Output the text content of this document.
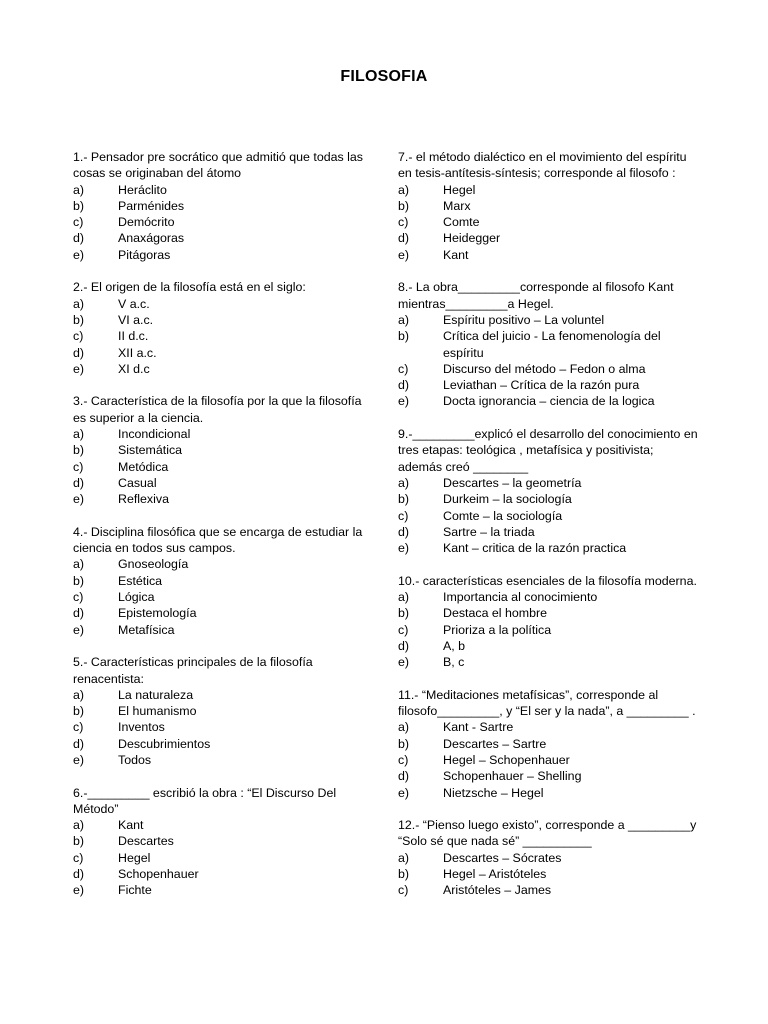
FILOSOFIA

1.- Pensador pre socrático que admitió que todas las cosas se originaban del átomo

a)	Heráclito
b)	Parménides
c)	Demócrito
d)	Anaxágoras
e)	Pitágoras

2.- El origen de la filosofía está en el siglo:

a)	V a.c.
b)	VI a.c.
c)	II d.c.
d)	XII a.c.
e)	XI d.c

3.- Característica de la filosofía por la que la filosofía es superior a la ciencia.

a)	Incondicional
b)	Sistemática
c)	Metódica
d)	Casual
e)	Reflexiva

4.- Disciplina filosófica que se encarga de estudiar la ciencia en todos sus campos.

a)	Gnoseología
b)	Estética
c)	Lógica
d)	Epistemología
e)	Metafísica

5.- Características principales de la filosofía renacentista:

a)	La naturaleza
b)	El humanismo
c)	Inventos
d)	Descubrimientos
e)	Todos

6.-_________ escribió la obra : “El Discurso Del Método”

a)	Kant
b)	Descartes
c)	Hegel
d)	Schopenhauer
e)	Fichte

7.- el método dialéctico en el movimiento del espíritu en tesis-antítesis-síntesis; corresponde al filosofo :

a)	Hegel
b)	Marx
c)	Comte
d)	Heidegger
e)	Kant

8.- La obra_________corresponde al filosofo Kant mientras_________a Hegel.

a)	Espíritu positivo – La voluntel
b)	Crítica del juicio - La fenomenología del espíritu
c)	Discurso del método – Fedon o alma
d)	Leviathan – Crítica de la razón pura
e)	Docta ignorancia – ciencia de la logica

9.-_________explicó el desarrollo del conocimiento en tres etapas: teológica , metafísica y positivista; además creó ________

a)	Descartes – la geometría
b)	Durkeim – la sociología
c)	Comte – la sociología
d)	Sartre – la triada
e)	Kant – critica de la razón practica

10.- características esenciales de la filosofía moderna.

a)	Importancia al conocimiento
b)	Destaca el hombre
c)	Prioriza a la política
d)	A, b
e)	B, c

11.- “Meditaciones metafísicas”, corresponde al filosofo_________, y “El ser y la nada”, a _________ .

a)	Kant - Sartre
b)	Descartes – Sartre
c)	Hegel – Schopenhauer
d)	Schopenhauer – Shelling
e)	Nietzsche – Hegel

12.- “Pienso luego existo”, corresponde a _________y “Solo sé que nada sé” __________

a)	Descartes – Sócrates
b)	Hegel – Aristóteles
c)	Aristóteles – James
